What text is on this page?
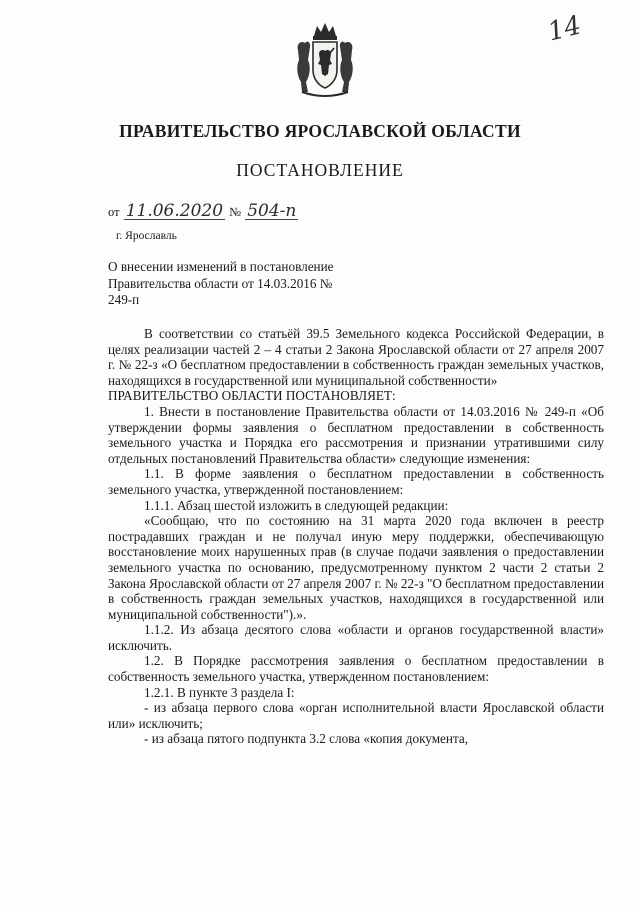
14
ПРАВИТЕЛЬСТВО ЯРОСЛАВСКОЙ ОБЛАСТИ
ПОСТАНОВЛЕНИЕ
от 11.06.2020 № 504-п
г. Ярославль
О внесении изменений в постановление Правительства области от 14.03.2016 № 249-п

В соответствии со статьёй 39.5 Земельного кодекса Российской Федерации, в целях реализации частей 2 – 4 статьи 2 Закона Ярославской области от 27 апреля 2007 г. № 22-з «О бесплатном предоставлении в собственность граждан земельных участков, находящихся в государственной или муниципальной собственности»

ПРАВИТЕЛЬСТВО ОБЛАСТИ ПОСТАНОВЛЯЕТ:

1. Внести в постановление Правительства области от 14.03.2016 № 249-п «Об утверждении формы заявления о бесплатном предоставлении в собственность земельного участка и Порядка его рассмотрения и признании утратившими силу отдельных постановлений Правительства области» следующие изменения:

1.1. В форме заявления о бесплатном предоставлении в собственность земельного участка, утвержденной постановлением:

1.1.1. Абзац шестой изложить в следующей редакции:

«Сообщаю, что по состоянию на 31 марта 2020 года включен в реестр пострадавших граждан и не получал иную меру поддержки, обеспечивающую восстановление моих нарушенных прав (в случае подачи заявления о предоставлении земельного участка по основанию, предусмотренному пунктом 2 части 2 статьи 2 Закона Ярославской области от 27 апреля 2007 г. № 22-з "О бесплатном предоставлении в собственность граждан земельных участков, находящихся в государственной или муниципальной собственности").».

1.1.2. Из абзаца десятого слова «области и органов государственной власти» исключить.

1.2. В Порядке рассмотрения заявления о бесплатном предоставлении в собственность земельного участка, утвержденном постановлением:

1.2.1. В пункте 3 раздела I:

- из абзаца первого слова «орган исполнительной власти Ярославской области или» исключить;

- из абзаца пятого подпункта 3.2 слова «копия документа,
